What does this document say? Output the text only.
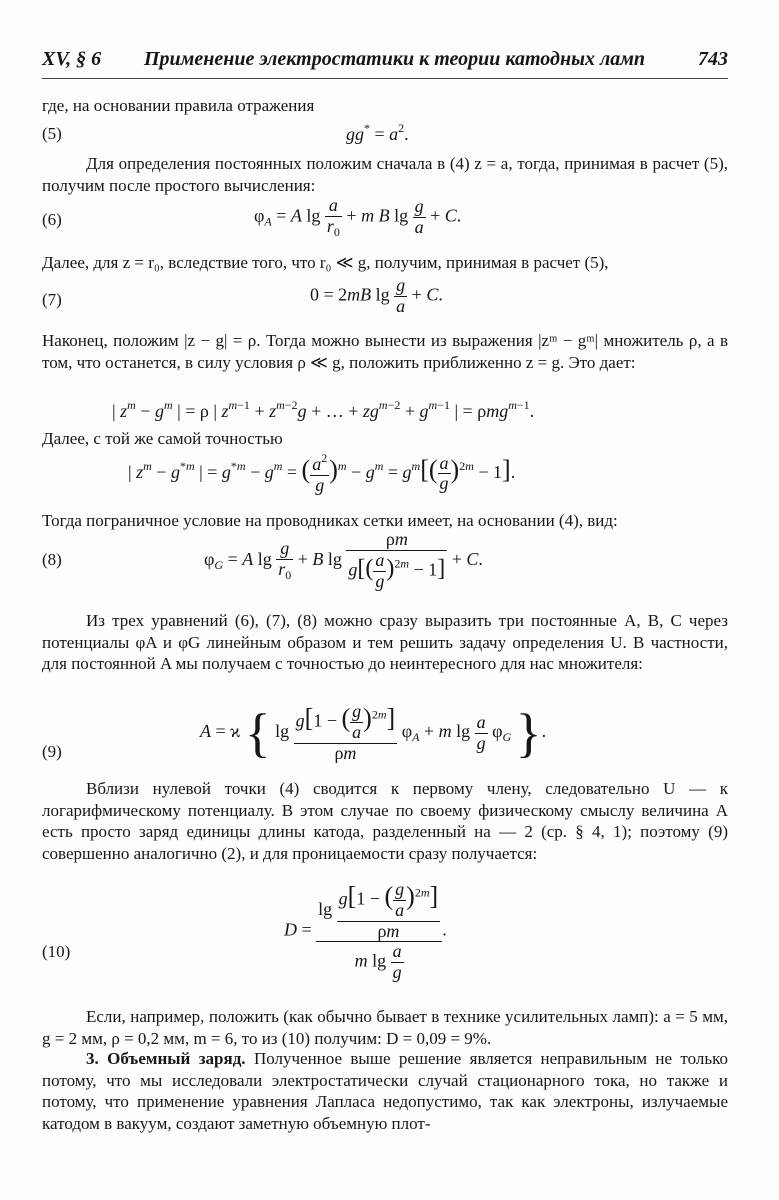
XV, § 6 Применение электростатики к теории катодных ламп	743
где, на основании правила отражения
(5)	$gg^* = a^2$.
Для определения постоянных положим сначала в (4) z = a, тогда, принимая в расчет (5), получим после простого вычисления:
(6)	$\varphi_A = A$ $\lg \frac{a}{r_0} + m$ B $\lg \frac{g}{a} + C$.
Далее, для z = r₀, вследствие того, что r₀ ≪ g, получим, принимая в расчет (5),
(7)	0 = 2mB $\lg \frac{g}{a} + C$.
Наконец, положим |z − g| = ρ. Тогда можно вынести из выражения |zᵐ − gᵐ| множитель ρ, а в том, что останется, в силу условия ρ ≪ g, положить приближенно z = g. Это дает:
| $z^m - g^m$ | = ρ | $z^{m-1} + z^{m-2}g$ + … + $zg^{m-2} + g^{m-1}$ | = ρmg$^{m-1}$.
Далее, с той же самой точностью
| $z^m - g^{*m}$ | = $g^{*m} - g^m$ = ( $\frac{a^2}{g} )^m - g^m = g^m[( \frac{a}{g} )^{2m} - 1]$.
Тогда пограничное условие на проводниках сетки имеет, на основании (4), вид:
(8)	$\varphi_G = A$ $\lg \frac{g}{r_0} + B$ $\lg \frac{\rho m}{g[( \frac{a}{g} )^{2m} - 1]} + C$.
Из трех уравнений (6), (7), (8) можно сразу выразить три постоянные A, B, C через потенциалы φA и φG линейным образом и тем решить задачу определения U. В частности, для постоянной A мы получаем с точностью до неинтересного для нас множителя:
(9)
A = ϰ { $\lg \frac{g[1 - ( \frac{g}{a} )^{2m}]}{\rho m} \varphi_A + m$ $\lg \frac{a}{g} \varphi_G$ }.
Вблизи нулевой точки (4) сводится к первому члену, следовательно U — к логарифмическому потенциалу. В этом случае по своему физическому смыслу величина A есть просто заряд единицы длины катода, разделенный на — 2 (ср. § 4, 1); поэтому (9) совершенно аналогично (2), и для проницаемости сразу получается:
(10)
$D = \frac{\lg \frac{g[1 - ( \frac{g}{a} )^{2m}]}{\rho m}}{m \lg \frac{a}{g}}$ .
Если, например, положить (как обычно бывает в технике усилительных ламп): a = 5 мм, g = 2 мм, ρ = 0,2 мм, m = 6, то из (10) получим: D = 0,09 = 9%.
3. Объемный заряд. Полученное выше решение является неправильным не только потому, что мы исследовали электростатически случай стационарного тока, но также и потому, что применение уравнения Лапласа недопустимо, так как электроны, излучаемые катодом в вакуум, создают заметную объемную плот-
